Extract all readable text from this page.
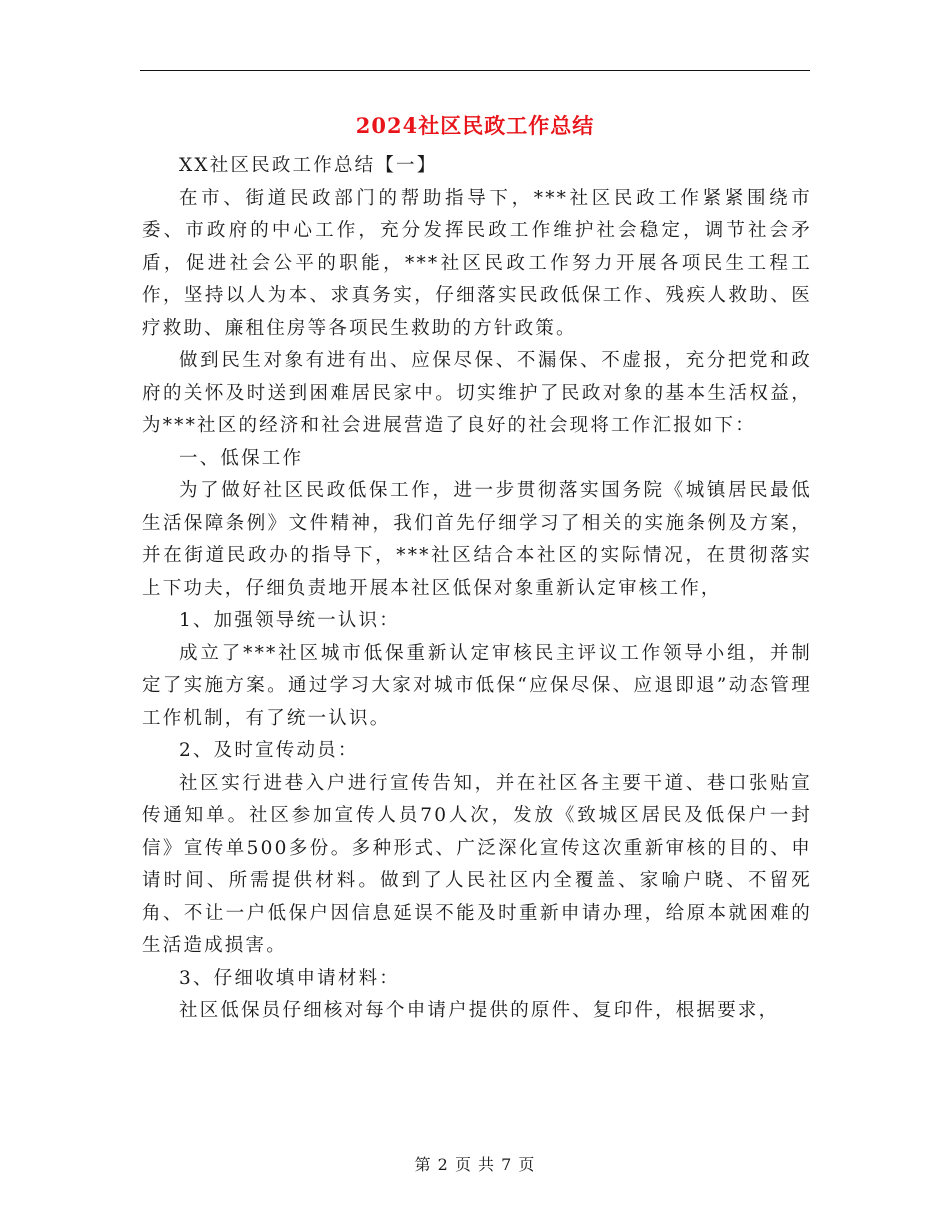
2024社区民政工作总结

XX社区民政工作总结【一】

在市、街道民政部门的帮助指导下，***社区民政工作紧紧围绕市委、市政府的中心工作，充分发挥民政工作维护社会稳定，调节社会矛盾，促进社会公平的职能，***社区民政工作努力开展各项民生工程工作，坚持以人为本、求真务实，仔细落实民政低保工作、残疾人救助、医疗救助、廉租住房等各项民生救助的方针政策。

做到民生对象有进有出、应保尽保、不漏保、不虚报，充分把党和政府的关怀及时送到困难居民家中。切实维护了民政对象的基本生活权益，为***社区的经济和社会进展营造了良好的社会现将工作汇报如下：

一、低保工作

为了做好社区民政低保工作，进一步贯彻落实国务院《城镇居民最低生活保障条例》文件精神，我们首先仔细学习了相关的实施条例及方案，并在街道民政办的指导下，***社区结合本社区的实际情况，在贯彻落实上下功夫，仔细负责地开展本社区低保对象重新认定审核工作，

1、加强领导统一认识：

成立了***社区城市低保重新认定审核民主评议工作领导小组，并制定了实施方案。通过学习大家对城市低保“应保尽保、应退即退”动态管理工作机制，有了统一认识。

2、及时宣传动员：

社区实行进巷入户进行宣传告知，并在社区各主要干道、巷口张贴宣传通知单。社区参加宣传人员70人次，发放《致城区居民及低保户一封信》宣传单500多份。多种形式、广泛深化宣传这次重新审核的目的、申请时间、所需提供材料。做到了人民社区内全覆盖、家喻户晓、不留死角、不让一户低保户因信息延误不能及时重新申请办理，给原本就困难的生活造成损害。

3、仔细收填申请材料：

社区低保员仔细核对每个申请户提供的原件、复印件，根据要求，

第 2 页 共 7 页
